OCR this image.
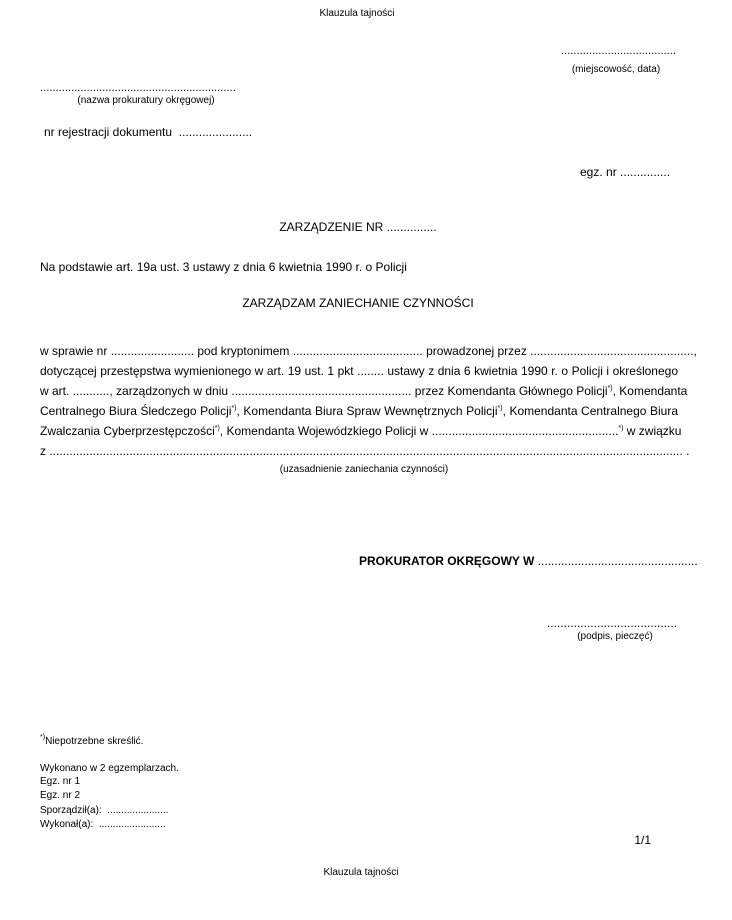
Klauzula tajności
.....................................
(miejscowość, data)
...............................................................
(nazwa prokuratury okręgowej)
nr rejestracji dokumentu ......................
egz. nr ...............
ZARZĄDZENIE NR ...............
Na podstawie art. 19a ust. 3 ustawy z dnia 6 kwietnia 1990 r. o Policji
ZARZĄDZAM ZANIECHANIE CZYNNOŚCI
w sprawie nr ......................... pod kryptonimem ....................................... prowadzonej przez .................................................,
dotyczącej przestępstwa wymienionego w art. 19 ust. 1 pkt ........ ustawy z dnia 6 kwietnia 1990 r. o Policji i określonego
w art. ..........., zarządzonych w dniu ...................................................... przez Komendanta Głównego Policji*), Komendanta
Centralnego Biura Śledczego Policji*), Komendanta Biura Spraw Wewnętrznych Policji*), Komendanta Centralnego Biura
Zwalczania Cyberprzestępczości*), Komendanta Wojewódzkiego Policji w ........................................................*) w związku
z .............................................................................................................................................................................................. .
(uzasadnienie zaniechania czynności)
PROKURATOR OKRĘGOWY W ................................................
.......................................
(podpis, pieczęć)
*)Niepotrzebne skreślić.
Wykonano w 2 egzemplarzach.
Egz. nr 1
Egz. nr 2
Sporządził(a): ......................
Wykonał(a): ........................
1/1
Klauzula tajności
